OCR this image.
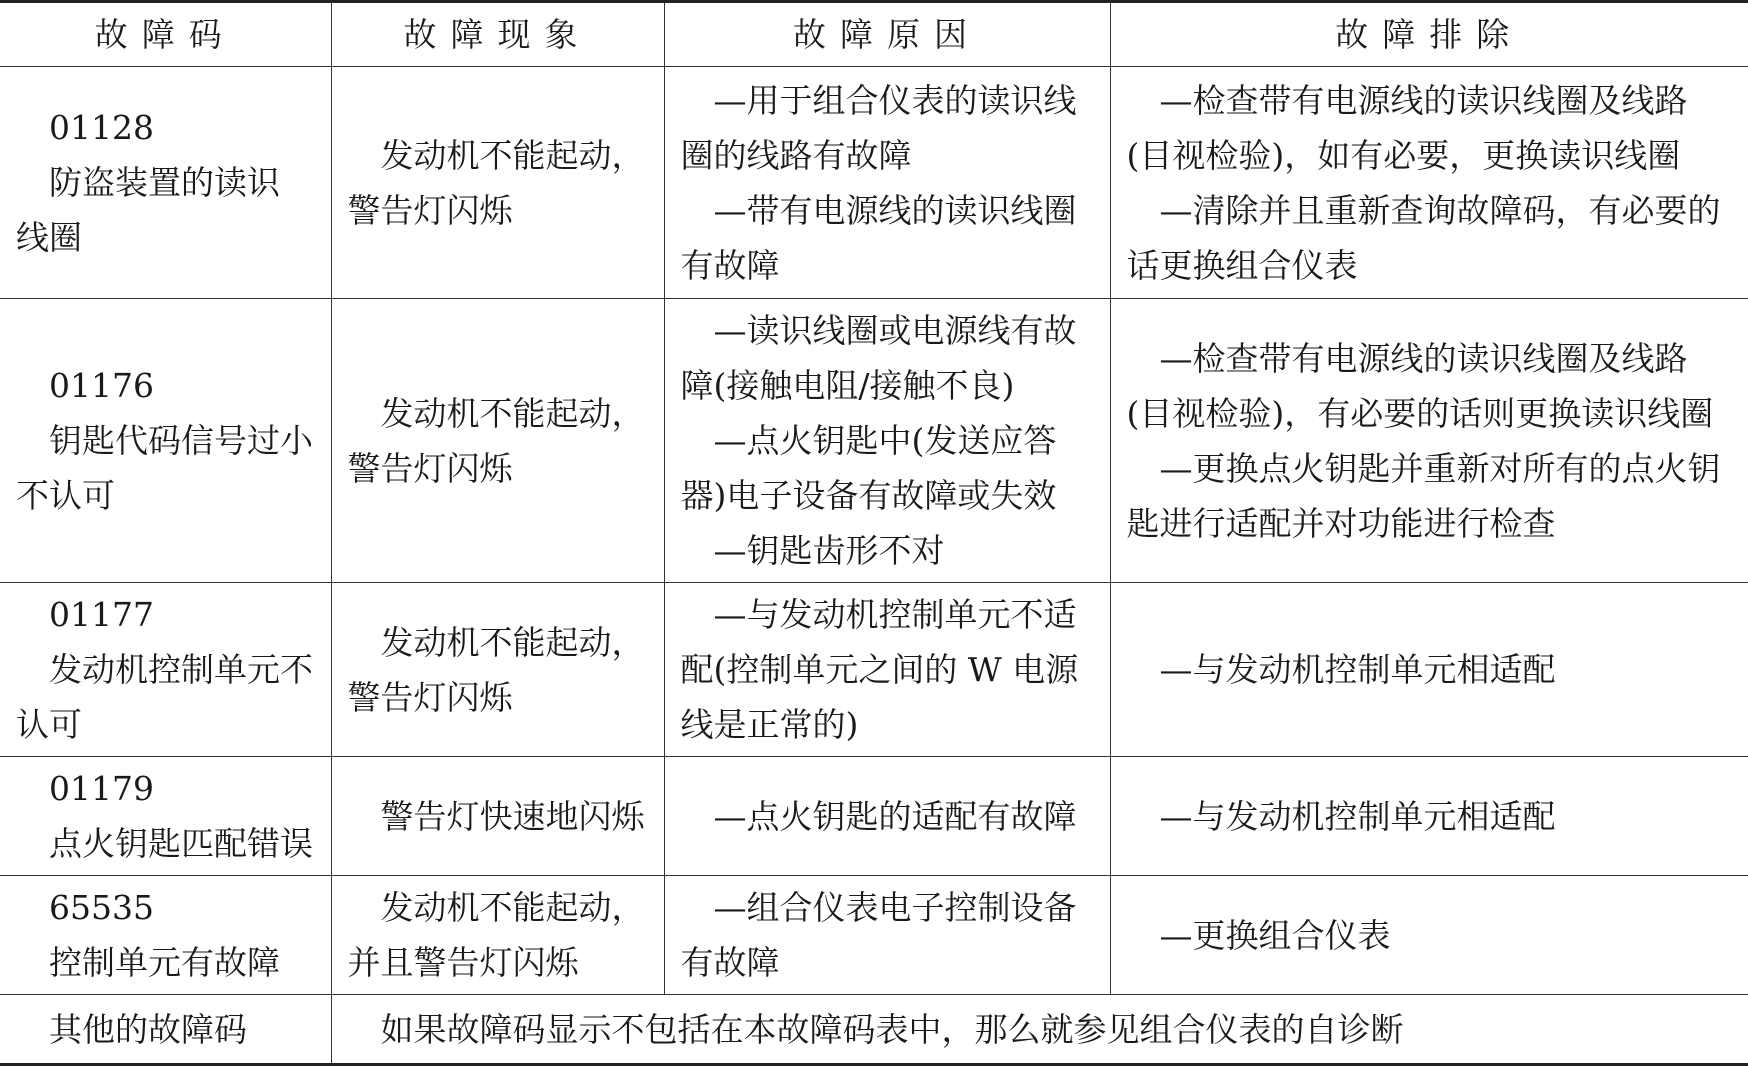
故障码	故障现象	故障原因	故障排除

01128
防盗装置的读识
线圈	发动机不能起动，
警告灯闪烁	—用于组合仪表的读识线
圈的线路有故障
—带有电源线的读识线圈
有故障	—检查带有电源线的读识线圈及线路
(目视检验)，如有必要，更换读识线圈
—清除并且重新查询故障码，有必要的
话更换组合仪表

01176
钥匙代码信号过小
不认可	发动机不能起动，
警告灯闪烁	—读识线圈或电源线有故
障(接触电阻/接触不良)
—点火钥匙中(发送应答
器)电子设备有故障或失效
—钥匙齿形不对	—检查带有电源线的读识线圈及线路
(目视检验)，有必要的话则更换读识线圈
—更换点火钥匙并重新对所有的点火钥
匙进行适配并对功能进行检查

01177
发动机控制单元不
认可	发动机不能起动，
警告灯闪烁	—与发动机控制单元不适
配(控制单元之间的 W 电源
线是正常的)	—与发动机控制单元相适配

01179
点火钥匙匹配错误	警告灯快速地闪烁	—点火钥匙的适配有故障	—与发动机控制单元相适配

65535
控制单元有故障	发动机不能起动，
并且警告灯闪烁	—组合仪表电子控制设备
有故障	—更换组合仪表

其他的故障码	如果故障码显示不包括在本故障码表中，那么就参见组合仪表的自诊断		
